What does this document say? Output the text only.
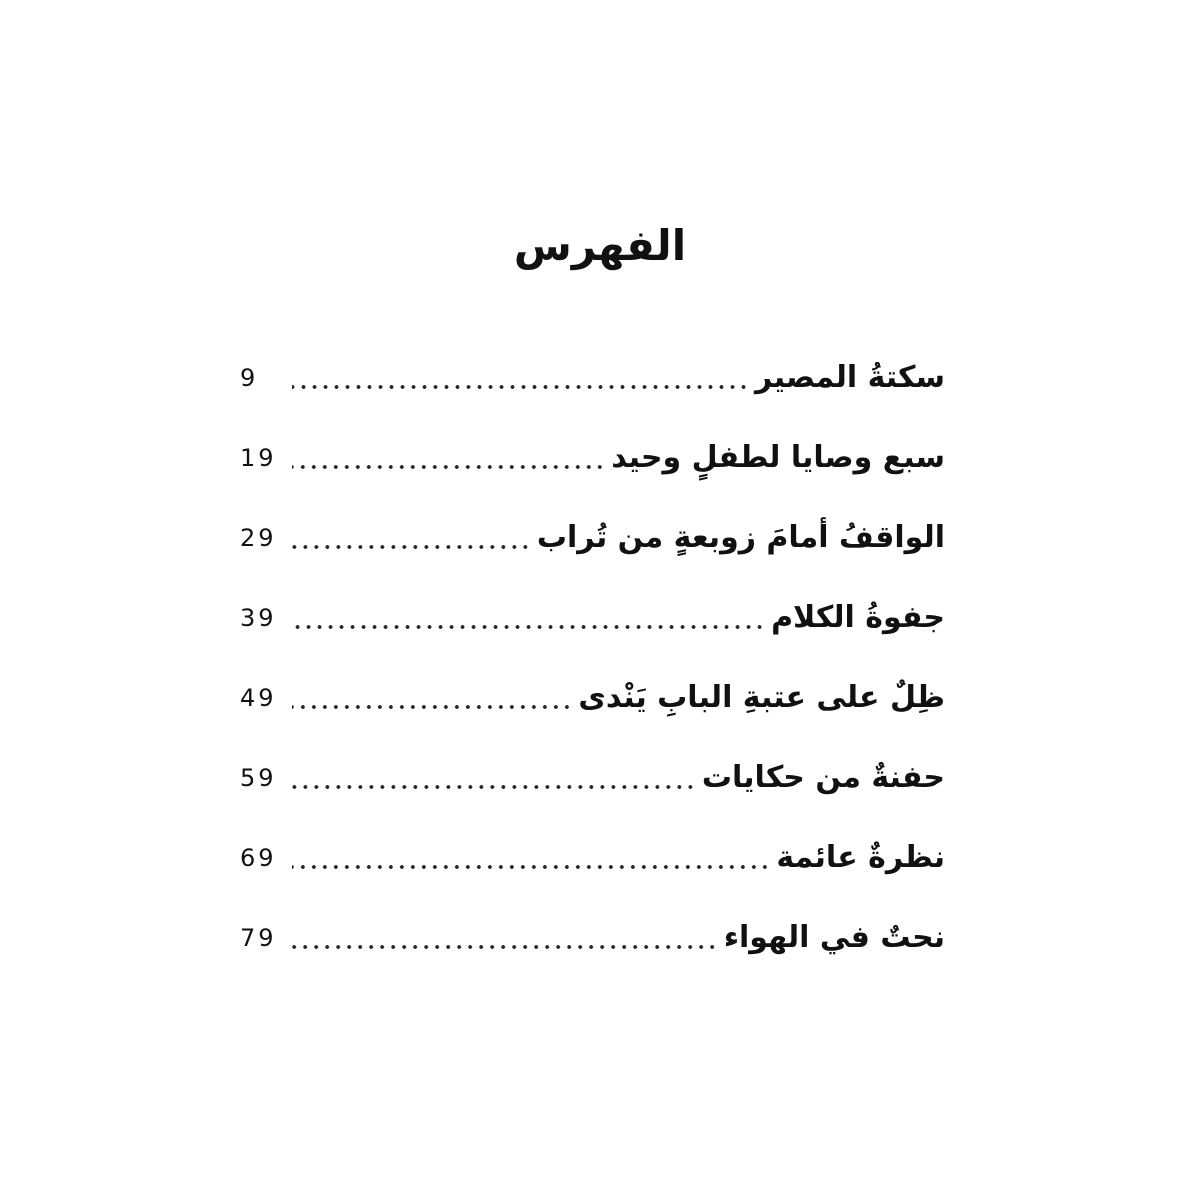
الفهرس
سكتةُ المصير
9
سبع وصايا لطفلٍ وحيد
19
الواقفُ أمامَ زوبعةٍ من تُراب
29
جفوةُ الكلام
39
ظِلٌ على عتبةِ البابِ يَنْدى
49
حفنةٌ من حكايات
59
نظرةٌ عائمة
69
نحتٌ في الهواء
79
